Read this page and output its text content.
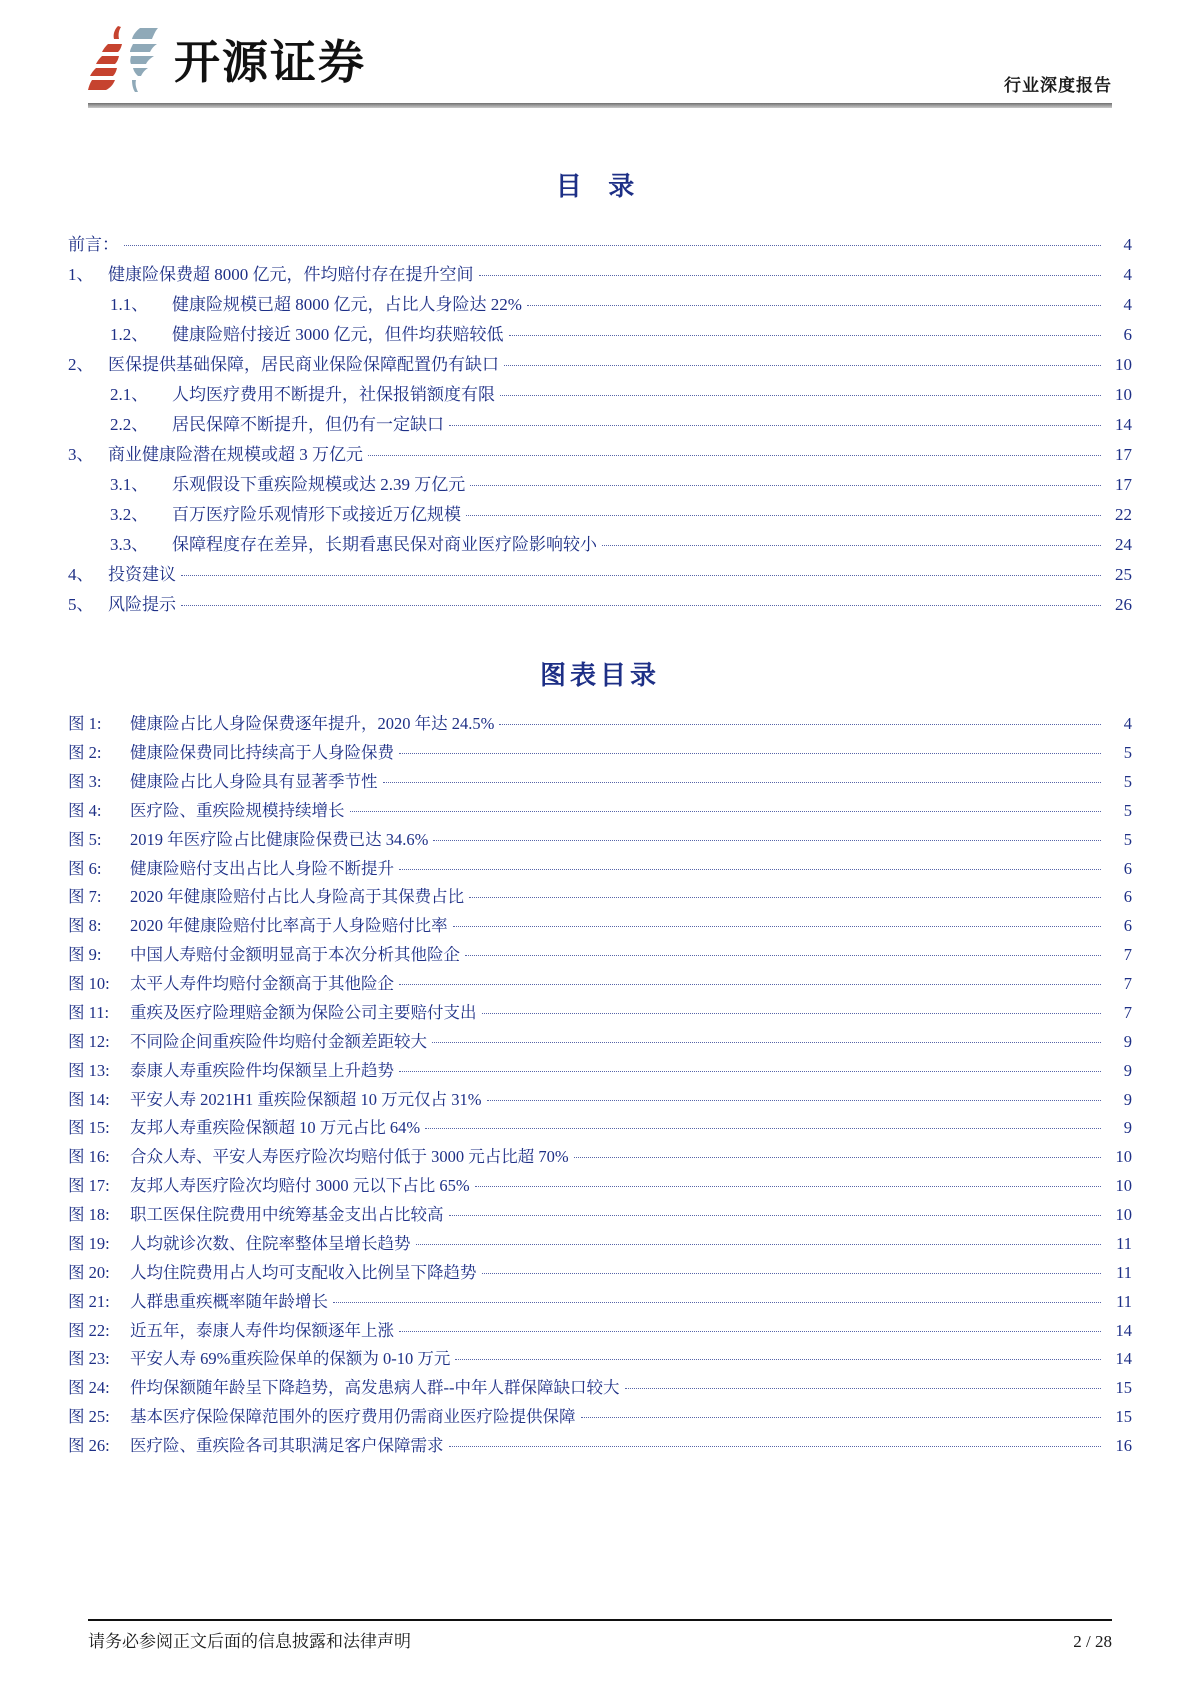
开源证券	行业深度报告
目 录
前言：	4
1、 健康险保费超 8000 亿元，件均赔付存在提升空间	4
1.1、	健康险规模已超 8000 亿元，占比人身险达 22%	4
1.2、	健康险赔付接近 3000 亿元，但件均获赔较低	6
2、 医保提供基础保障，居民商业保险保障配置仍有缺口	10
2.1、	人均医疗费用不断提升，社保报销额度有限	10
2.2、	居民保障不断提升，但仍有一定缺口	14
3、 商业健康险潜在规模或超 3 万亿元	17
3.1、	乐观假设下重疾险规模或达 2.39 万亿元	17
3.2、	百万医疗险乐观情形下或接近万亿规模	22
3.3、	保障程度存在差异，长期看惠民保对商业医疗险影响较小	24
4、 投资建议	25
5、 风险提示	26
图表目录
图 1:	健康险占比人身险保费逐年提升，2020 年达 24.5%	4
图 2:	健康险保费同比持续高于人身险保费	5
图 3:	健康险占比人身险具有显著季节性	5
图 4:	医疗险、重疾险规模持续增长	5
图 5:	2019 年医疗险占比健康险保费已达 34.6%	5
图 6:	健康险赔付支出占比人身险不断提升	6
图 7:	2020 年健康险赔付占比人身险高于其保费占比	6
图 8:	2020 年健康险赔付比率高于人身险赔付比率	6
图 9:	中国人寿赔付金额明显高于本次分析其他险企	7
图 10:	太平人寿件均赔付金额高于其他险企	7
图 11:	重疾及医疗险理赔金额为保险公司主要赔付支出	7
图 12:	不同险企间重疾险件均赔付金额差距较大	9
图 13:	泰康人寿重疾险件均保额呈上升趋势	9
图 14:	平安人寿 2021H1 重疾险保额超 10 万元仅占 31%	9
图 15:	友邦人寿重疾险保额超 10 万元占比 64%	9
图 16:	合众人寿、平安人寿医疗险次均赔付低于 3000 元占比超 70%	10
图 17:	友邦人寿医疗险次均赔付 3000 元以下占比 65%	10
图 18:	职工医保住院费用中统筹基金支出占比较高	10
图 19:	人均就诊次数、住院率整体呈增长趋势	11
图 20:	人均住院费用占人均可支配收入比例呈下降趋势	11
图 21:	人群患重疾概率随年龄增长	11
图 22:	近五年，泰康人寿件均保额逐年上涨	14
图 23:	平安人寿 69%重疾险保单的保额为 0-10 万元	14
图 24:	件均保额随年龄呈下降趋势，高发患病人群--中年人群保障缺口较大	15
图 25:	基本医疗保险保障范围外的医疗费用仍需商业医疗险提供保障	15
图 26:	医疗险、重疾险各司其职满足客户保障需求	16
请务必参阅正文后面的信息披露和法律声明	2 / 28
